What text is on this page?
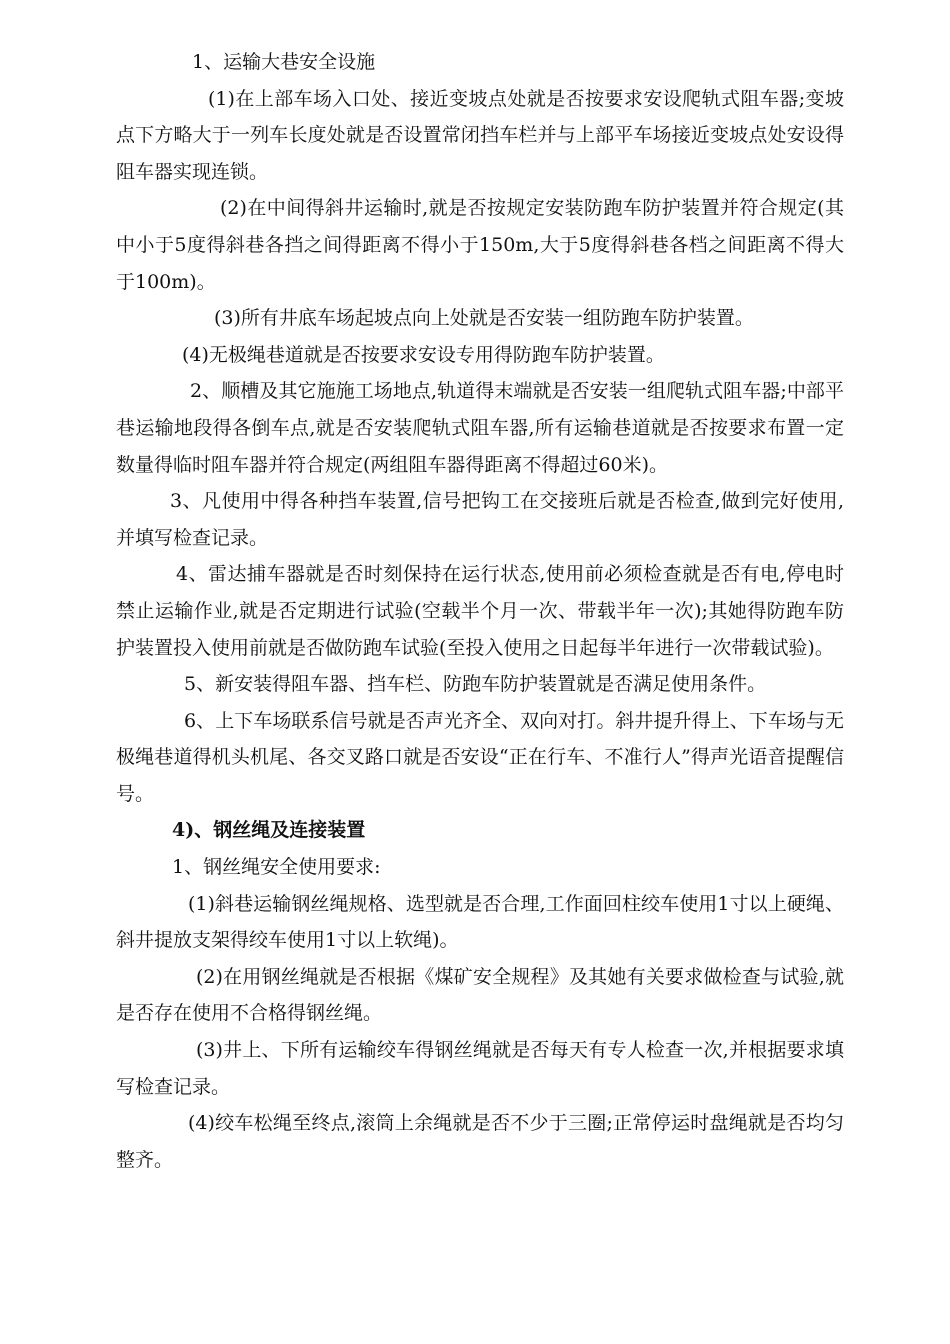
1、运输大巷安全设施

(1)在上部车场入口处、接近变坡点处就是否按要求安设爬轨式阻车器;变坡点下方略大于一列车长度处就是否设置常闭挡车栏并与上部平车场接近变坡点处安设得阻车器实现连锁。

(2)在中间得斜井运输时,就是否按规定安装防跑车防护装置并符合规定(其中小于5度得斜巷各挡之间得距离不得小于150m,大于5度得斜巷各档之间距离不得大于100m)。

(3)所有井底车场起坡点向上处就是否安装一组防跑车防护装置。

(4)无极绳巷道就是否按要求安设专用得防跑车防护装置。

2、顺槽及其它施施工场地点,轨道得末端就是否安装一组爬轨式阻车器;中部平巷运输地段得各倒车点,就是否安装爬轨式阻车器,所有运输巷道就是否按要求布置一定数量得临时阻车器并符合规定(两组阻车器得距离不得超过60米)。

3、凡使用中得各种挡车装置,信号把钩工在交接班后就是否检查,做到完好使用,并填写检查记录。

4、雷达捕车器就是否时刻保持在运行状态,使用前必须检查就是否有电,停电时禁止运输作业,就是否定期进行试验(空载半个月一次、带载半年一次);其她得防跑车防护装置投入使用前就是否做防跑车试验(至投入使用之日起每半年进行一次带载试验)。

5、新安装得阻车器、挡车栏、防跑车防护装置就是否满足使用条件。

6、上下车场联系信号就是否声光齐全、双向对打。斜井提升得上、下车场与无极绳巷道得机头机尾、各交叉路口就是否安设“正在行车、不准行人”得声光语音提醒信号。

4)、钢丝绳及连接装置

1、钢丝绳安全使用要求:

(1)斜巷运输钢丝绳规格、选型就是否合理,工作面回柱绞车使用1寸以上硬绳、斜井提放支架得绞车使用1寸以上软绳)。

(2)在用钢丝绳就是否根据《煤矿安全规程》及其她有关要求做检查与试验,就是否存在使用不合格得钢丝绳。

(3)井上、下所有运输绞车得钢丝绳就是否每天有专人检查一次,并根据要求填写检查记录。

(4)绞车松绳至终点,滚筒上余绳就是否不少于三圈;正常停运时盘绳就是否均匀整齐。
